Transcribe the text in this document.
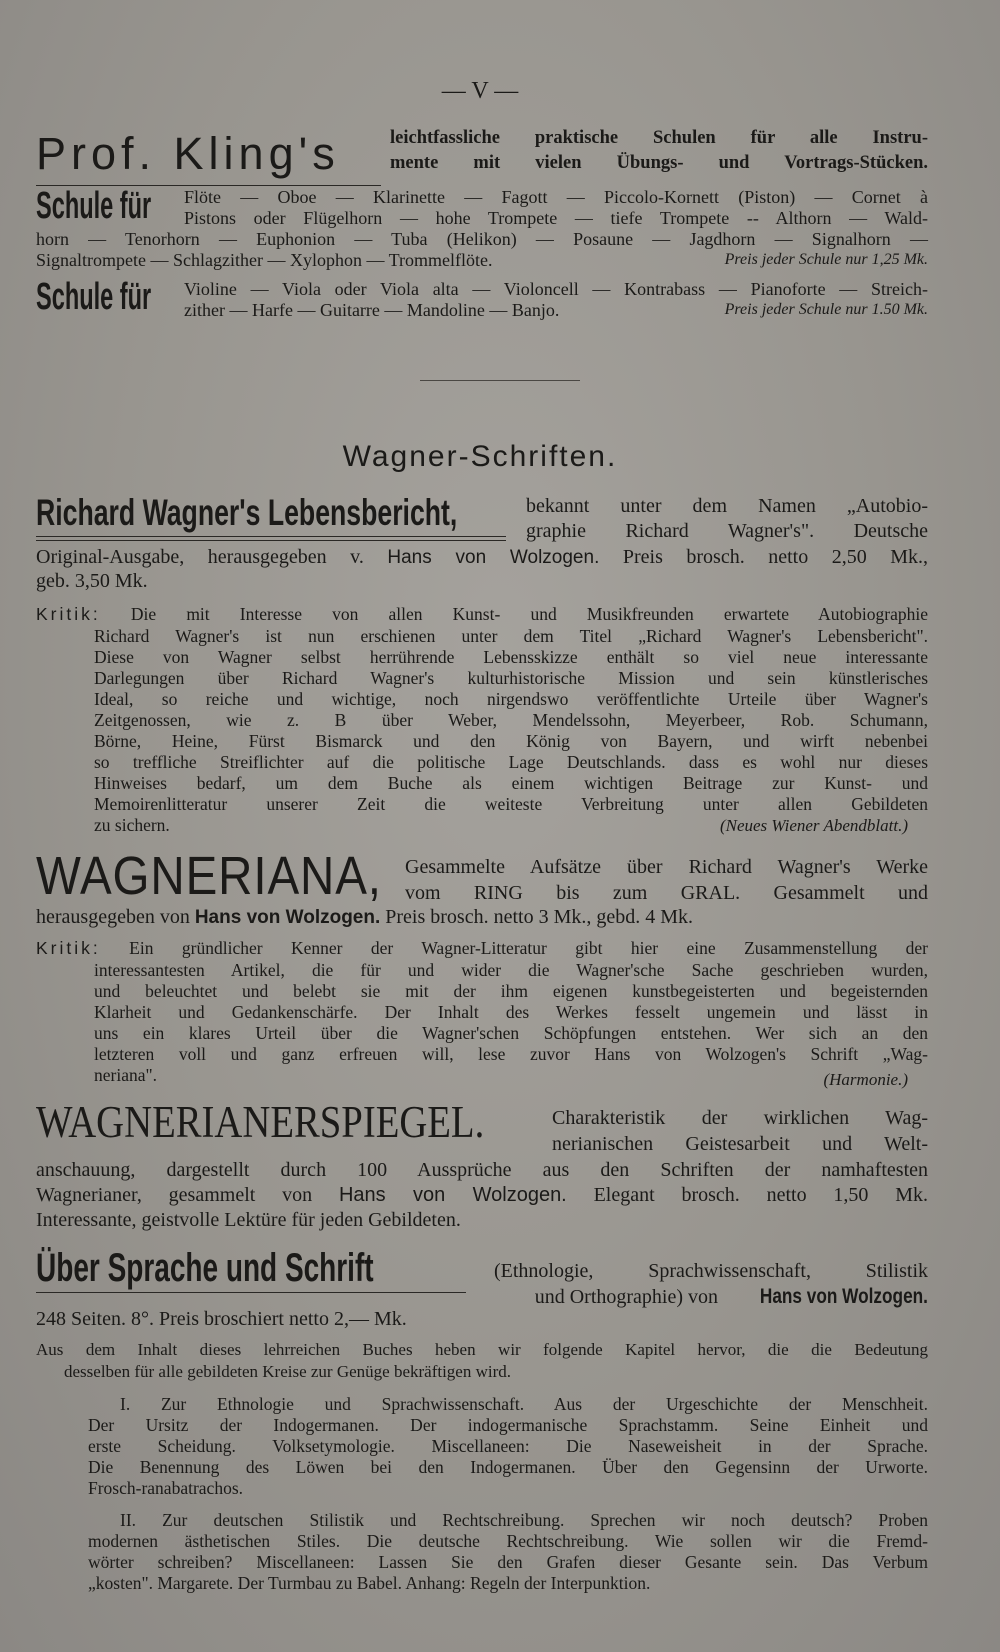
— V —
Prof. Kling's	leichtfassliche praktische Schulen für alle Instru-
mente mit vielen Übungs- und Vortrags-Stücken.
Schule für Flöte — Oboe — Klarinette — Fagott — Piccolo-Kornett (Piston) — Cornet à
Pistons oder Flügelhorn — hohe Trompete — tiefe Trompete -- Althorn — Wald-
horn — Tenorhorn — Euphonion — Tuba (Helikon) — Posaune — Jagdhorn — Signalhorn —
Signaltrompete — Schlagzither — Xylophon — Trommelflöte.	Preis jeder Schule nur 1,25 Mk.
Schule für Violine — Viola oder Viola alta — Violoncell — Kontrabass — Pianoforte — Streich-
zither — Harfe — Guitarre — Mandoline — Banjo.	Preis jeder Schule nur 1.50 Mk.
Wagner-Schriften.
Richard Wagner's Lebensbericht,	bekannt unter dem Namen „Autobio-
graphie Richard Wagner's". Deutsche
Original-Ausgabe, herausgegeben v. Hans von Wolzogen. Preis brosch. netto 2,50 Mk.,
geb. 3,50 Mk.
Kritik: Die mit Interesse von allen Kunst- und Musikfreunden erwartete Autobiographie
Richard Wagner's ist nun erschienen unter dem Titel „Richard Wagner's Lebensbericht".
Diese von Wagner selbst herrührende Lebensskizze enthält so viel neue interessante
Darlegungen über Richard Wagner's kulturhistorische Mission und sein künstlerisches
Ideal, so reiche und wichtige, noch nirgendswo veröffentlichte Urteile über Wagner's
Zeitgenossen, wie z. B über Weber, Mendelssohn, Meyerbeer, Rob. Schumann,
Börne, Heine, Fürst Bismarck und den König von Bayern, und wirft nebenbei
so treffliche Streiflichter auf die politische Lage Deutschlands. dass es wohl nur dieses
Hinweises bedarf, um dem Buche als einem wichtigen Beitrage zur Kunst- und
Memoirenlitteratur unserer Zeit die weiteste Verbreitung unter allen Gebildeten
zu sichern.	(Neues Wiener Abendblatt.)
WAGNERIANA, Gesammelte Aufsätze über Richard Wagner's Werke
vom RING bis zum GRAL. Gesammelt und
herausgegeben von Hans von Wolzogen. Preis brosch. netto 3 Mk., gebd. 4 Mk.
Kritik: Ein gründlicher Kenner der Wagner-Litteratur gibt hier eine Zusammenstellung der
interessantesten Artikel, die für und wider die Wagner'sche Sache geschrieben wurden,
und beleuchtet und belebt sie mit der ihm eigenen kunstbegeisterten und begeisternden
Klarheit und Gedankenschärfe. Der Inhalt des Werkes fesselt ungemein und lässt in
uns ein klares Urteil über die Wagner'schen Schöpfungen entstehen. Wer sich an den
letzteren voll und ganz erfreuen will, lese zuvor Hans von Wolzogen's Schrift „Wag-
neriana".	(Harmonie.)
WAGNERIANERSPIEGEL.	Charakteristik der wirklichen Wag-
nerianischen Geistesarbeit und Welt-
anschauung, dargestellt durch 100 Aussprüche aus den Schriften der namhaftesten
Wagnerianer, gesammelt von Hans von Wolzogen. Elegant brosch. netto 1,50 Mk.
Interessante, geistvolle Lektüre für jeden Gebildeten.
Über Sprache und Schrift	(Ethnologie, Sprachwissenschaft, Stilistik
und Orthographie) von Hans von Wolzogen.
248 Seiten. 8°. Preis broschiert netto 2,— Mk.
Aus dem Inhalt dieses lehrreichen Buches heben wir folgende Kapitel hervor, die die Bedeutung
desselben für alle gebildeten Kreise zur Genüge bekräftigen wird.
I. Zur Ethnologie und Sprachwissenschaft. Aus der Urgeschichte der Menschheit.
Der Ursitz der Indogermanen. Der indogermanische Sprachstamm. Seine Einheit und
erste Scheidung. Volksetymologie. Miscellaneen: Die Naseweisheit in der Sprache.
Die Benennung des Löwen bei den Indogermanen. Über den Gegensinn der Urworte.
Frosch-ranabatrachos.
II. Zur deutschen Stilistik und Rechtschreibung. Sprechen wir noch deutsch? Proben
modernen ästhetischen Stiles. Die deutsche Rechtschreibung. Wie sollen wir die Fremd-
wörter schreiben? Miscellaneen: Lassen Sie den Grafen dieser Gesante sein. Das Verbum
„kosten". Margarete. Der Turmbau zu Babel. Anhang: Regeln der Interpunktion.
